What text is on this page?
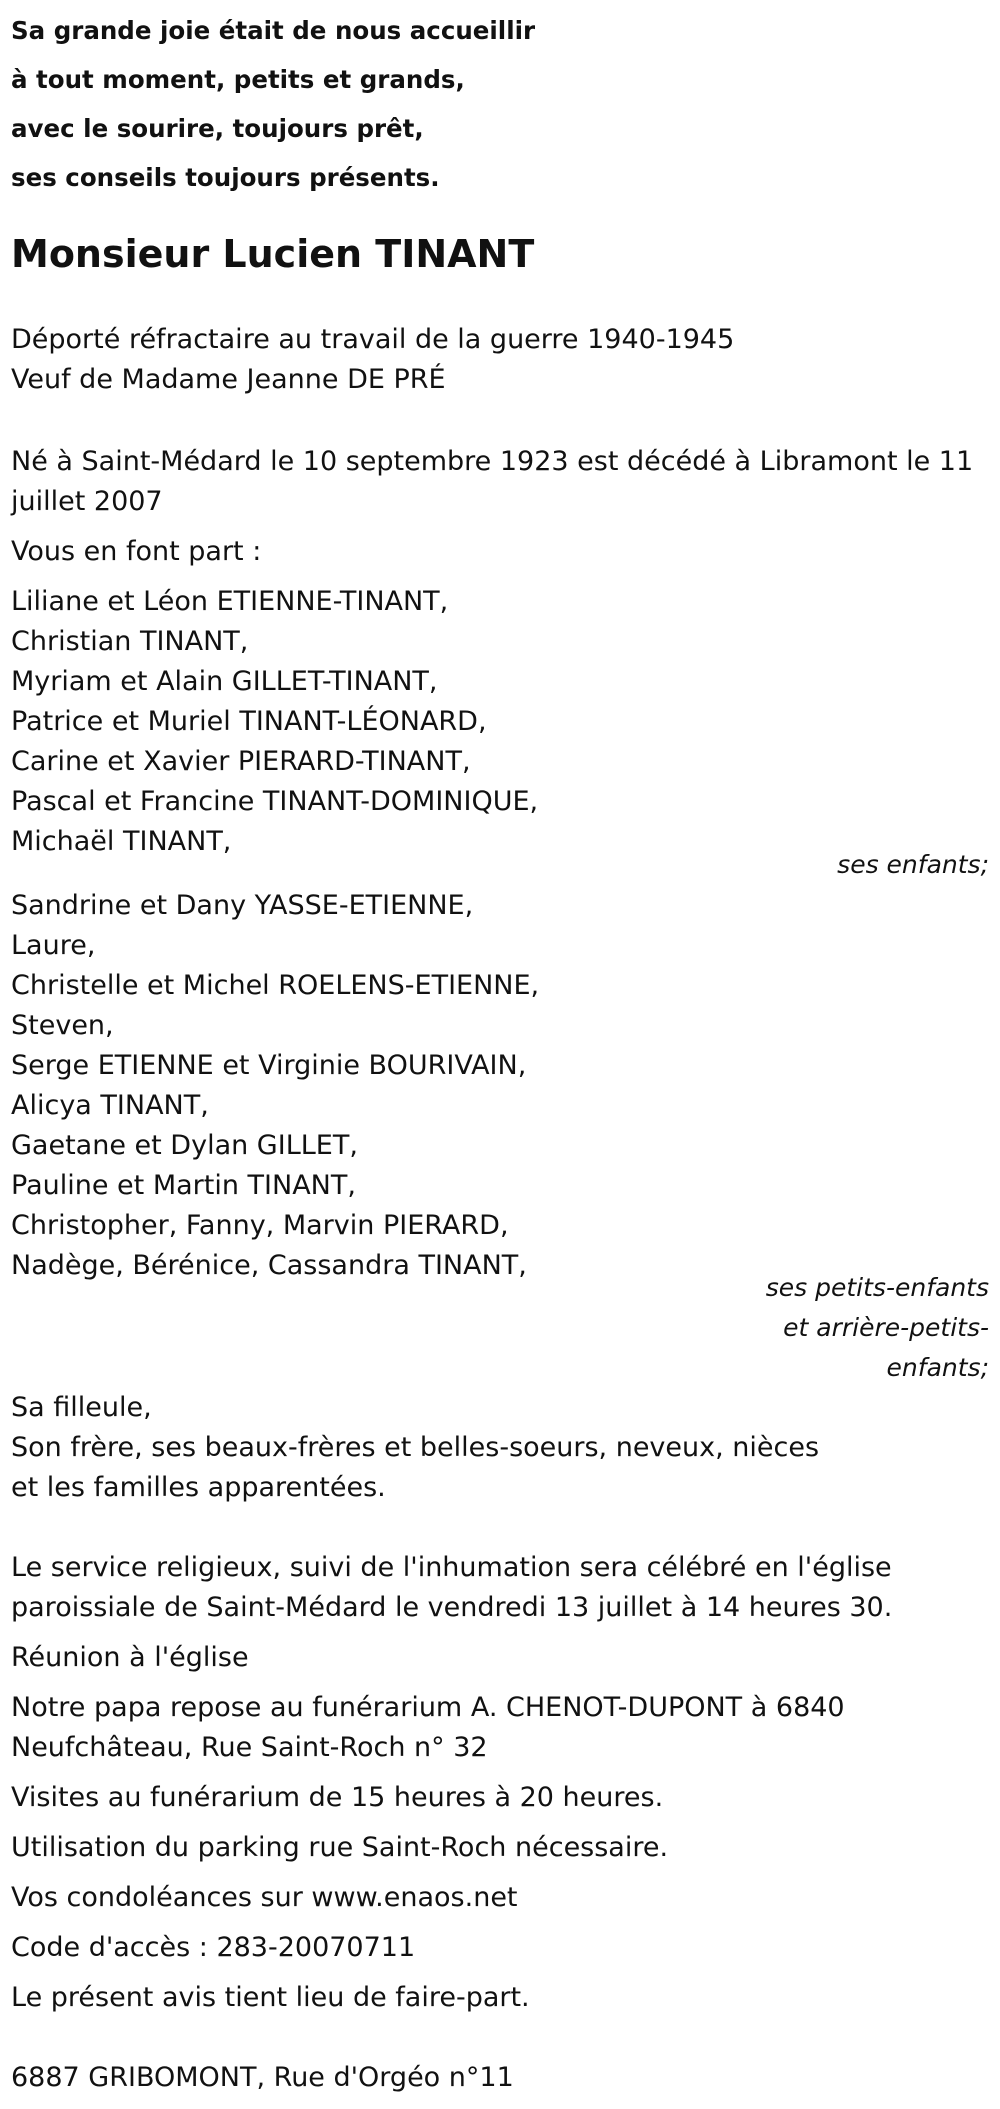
Sa grande joie était de nous accueillir
à tout moment, petits et grands,
avec le sourire, toujours prêt,
ses conseils toujours présents.
Monsieur Lucien TINANT
Déporté réfractaire au travail de la guerre 1940-1945
Veuf de Madame Jeanne DE PRÉ
Né à Saint-Médard le 10 septembre 1923 est décédé à Libramont le 11
juillet 2007
Vous en font part :
Liliane et Léon ETIENNE-TINANT,
Christian TINANT,
Myriam et Alain GILLET-TINANT,
Patrice et Muriel TINANT-LÉONARD,
Carine et Xavier PIERARD-TINANT,
Pascal et Francine TINANT-DOMINIQUE,
Michaël TINANT,
ses enfants;
Sandrine et Dany YASSE-ETIENNE,
Laure,
Christelle et Michel ROELENS-ETIENNE,
Steven,
Serge ETIENNE et Virginie BOURIVAIN,
Alicya TINANT,
Gaetane et Dylan GILLET,
Pauline et Martin TINANT,
Christopher, Fanny, Marvin PIERARD,
Nadège, Bérénice, Cassandra TINANT,
ses petits-enfants
et arrière-petits-
enfants;
Sa filleule,
Son frère, ses beaux-frères et belles-soeurs, neveux, nièces
et les familles apparentées.
Le service religieux, suivi de l'inhumation sera célébré en l'église
paroissiale de Saint-Médard le vendredi 13 juillet à 14 heures 30.
Réunion à l'église
Notre papa repose au funérarium A. CHENOT-DUPONT à 6840
Neufchâteau, Rue Saint-Roch n° 32
Visites au funérarium de 15 heures à 20 heures.
Utilisation du parking rue Saint-Roch nécessaire.
Vos condoléances sur www.enaos.net
Code d'accès : 283-20070711
Le présent avis tient lieu de faire-part.
6887 GRIBOMONT, Rue d'Orgéo n°11
